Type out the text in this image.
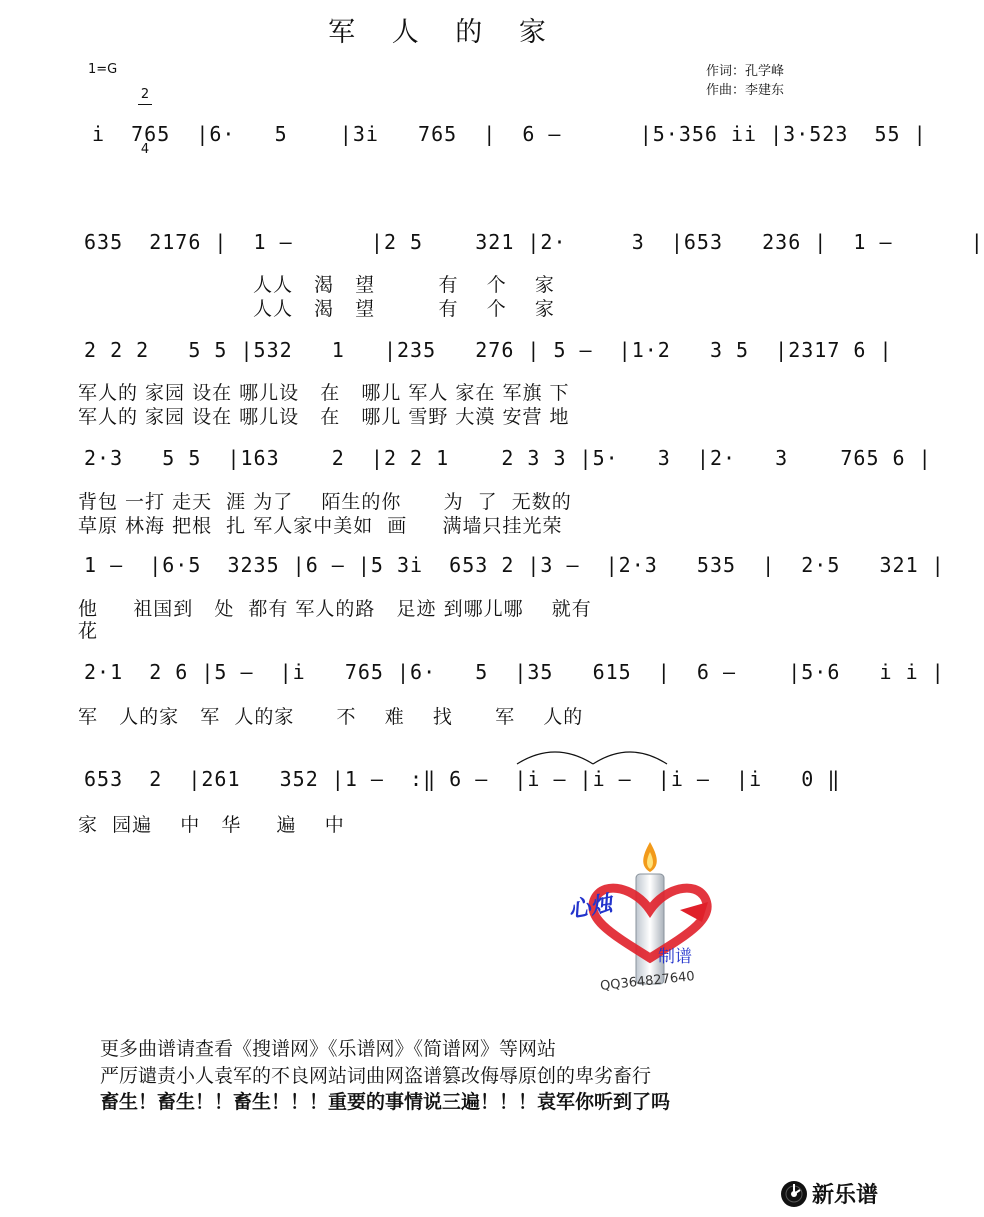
军 人 的 家
1=G

$\frac{2}{4}$	作词：孔学峰
作曲：李建东
i̇  765  |6·   5    |3i̇   765  |  6 –      |5·356 i̇i̇ |3·523  55 |
635  2176 |  1 –      |2 5    321 |2·     3  |653   236 |  1 –      |
人人   渴   望         有    个    家
人人   渴   望         有    个    家
2 2 2   5 5 |532   1   |235   276 | 5 –  |1·2   3 5  |2317 6 |
军人的 家园 设在 哪儿设   在   哪儿 军人 家在 军旗 下
军人的 家园 设在 哪儿设   在   哪儿 雪野 大漠 安营 地
2·3   5 5  |163    2  |2 2 1    2 3 3 |5·   3  |2·   3    765 6 |
背包 一打 走天  涯 为了    陌生的你      为  了  无数的
草原 林海 把根  扎 军人家中美如  画     满墙只挂光荣
1 –  |6·5  3235 |6 – |5 3i̇  653 2 |3 –  |2·3   535  |  2·5   321 |
他     祖国到   处  都有 军人的路   足迹 到哪儿哪    就有
花
2·1  2 6 |5 –  |i̇   765 |6·   5  |35   615  |  6 –    |5·6   i̇ i̇ |
军   人的家   军  人的家      不    难    找      军    人的
653  2  |261   352 |1 –  :‖ 6 –  |i̇ – |i̇ –  |i̇ –  |i̇   0 ‖
家  园遍    中   华     遍    中
心烛
制谱
QQ364827640
更多曲谱请查看《搜谱网》《乐谱网》《简谱网》等网站
严厉谴责小人袁军的不良网站词曲网盗谱篡改侮辱原创的卑劣畜行
畜生！畜生！！畜生！！！重要的事情说三遍！！！袁军你听到了吗
新乐谱
